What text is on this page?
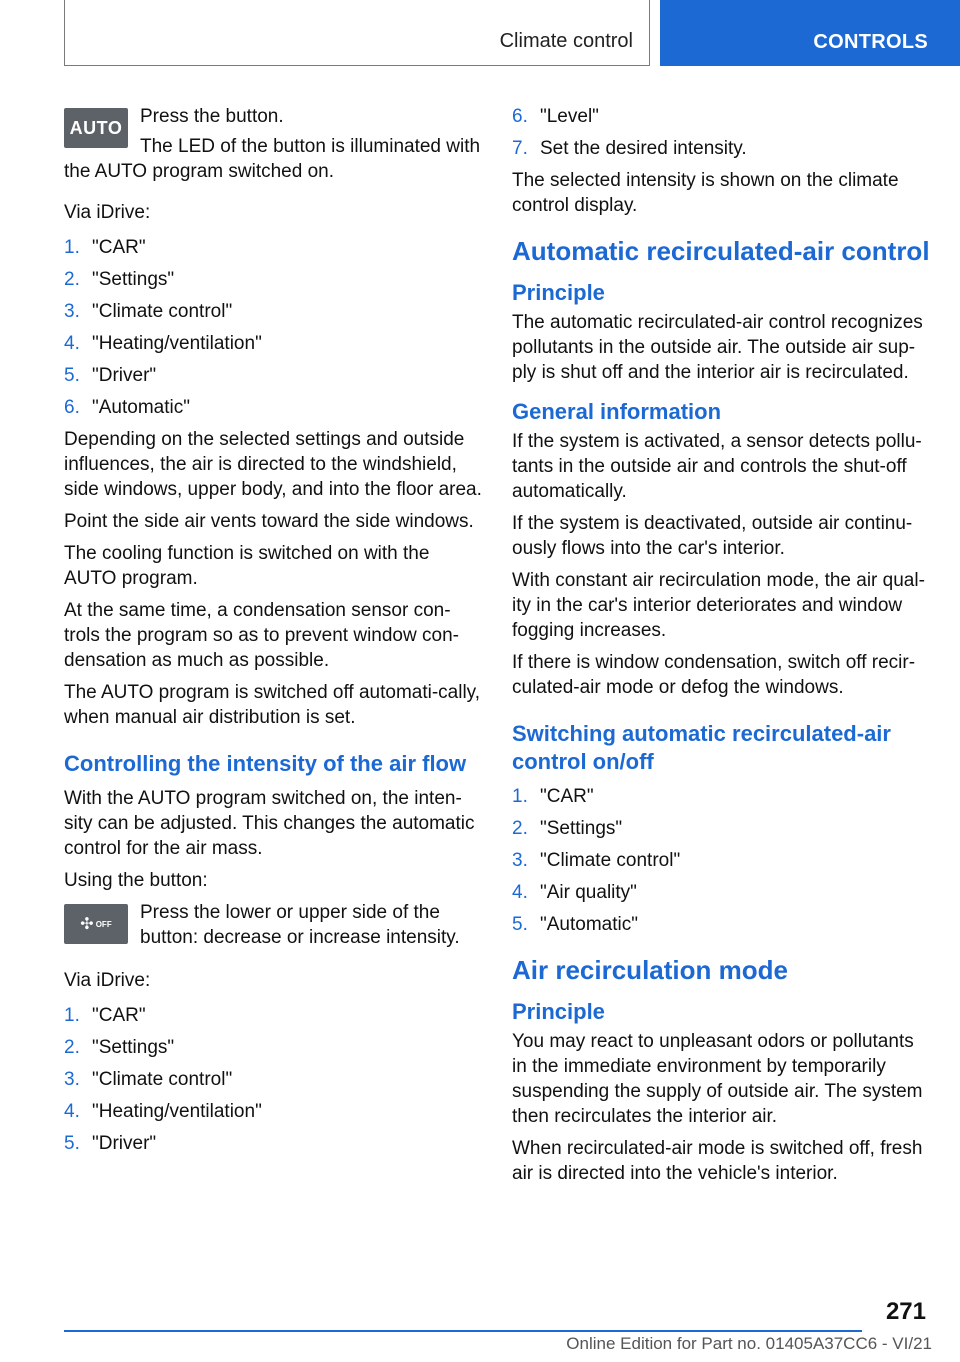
Climate control	CONTROLS
AUTO

Press the button.

The LED of the button is illuminated with the AUTO program switched on.

Via iDrive:

1. "CAR"
2. "Settings"
3. "Climate control"
4. "Heating/ventilation"
5. "Driver"
6. "Automatic"

Depending on the selected settings and outside influences, the air is directed to the windshield, side windows, upper body, and into the floor area.

Point the side air vents toward the side windows.

The cooling function is switched on with the AUTO program.

At the same time, a condensation sensor con‐trols the program so as to prevent window con‐densation as much as possible.

The AUTO program is switched off automati‐cally, when manual air distribution is set.

Controlling the intensity of the air flow

With the AUTO program switched on, the inten‐sity can be adjusted. This changes the automatic control for the air mass.

Using the button:

✣ OFF

Press the lower or upper side of the button: decrease or increase intensity.

Via iDrive:

1. "CAR"
2. "Settings"
3. "Climate control"
4. "Heating/ventilation"
5. "Driver"
6. "Level"
7. Set the desired intensity.

The selected intensity is shown on the climate control display.

Automatic recirculated-air control
Principle

The automatic recirculated-air control recognizes pollutants in the outside air. The outside air sup‐ply is shut off and the interior air is recirculated.

General information

If the system is activated, a sensor detects pollu‐tants in the outside air and controls the shut-off automatically.

If the system is deactivated, outside air continu‐ously flows into the car's interior.

With constant air recirculation mode, the air qual‐ity in the car's interior deteriorates and window fogging increases.

If there is window condensation, switch off recir‐culated-air mode or defog the windows.

Switching automatic recirculated-air control on/off
1. "CAR"
2. "Settings"
3. "Climate control"
4. "Air quality"
5. "Automatic"
Air recirculation mode
Principle

You may react to unpleasant odors or pollutants in the immediate environment by temporarily suspending the supply of outside air. The system then recirculates the interior air.

When recirculated-air mode is switched off, fresh air is directed into the vehicle's interior.

271
Online Edition for Part no. 01405A37CC6 - VI/21
